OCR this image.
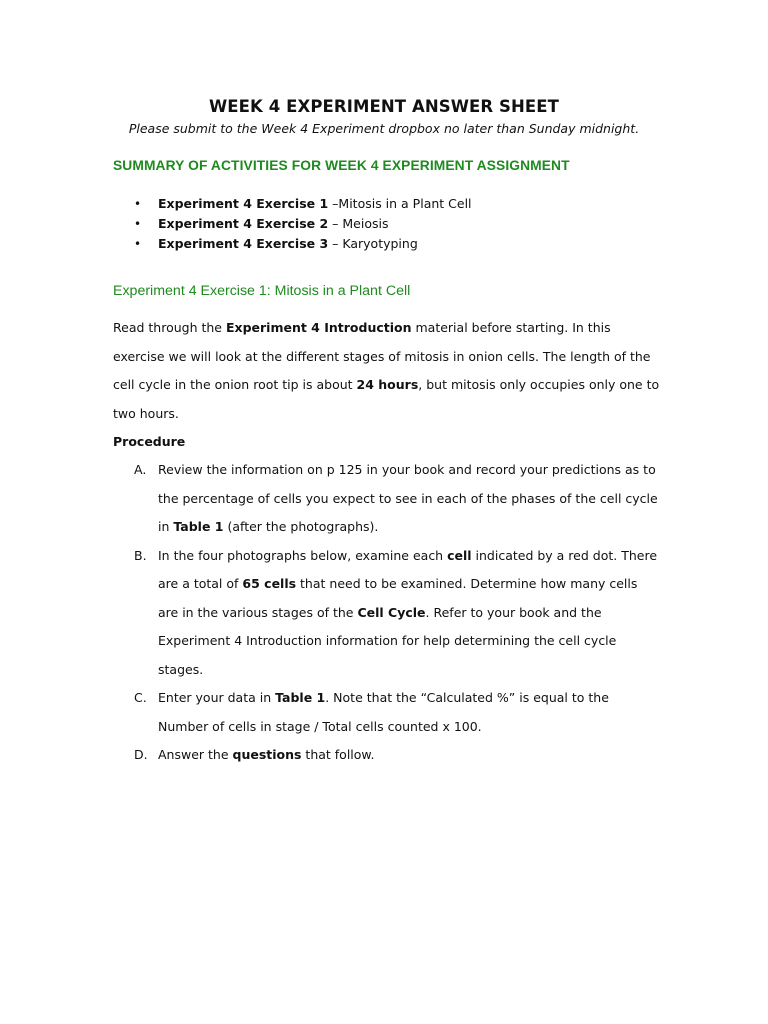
WEEK 4 EXPERIMENT ANSWER SHEET
Please submit to the Week 4 Experiment dropbox no later than Sunday midnight.
SUMMARY OF ACTIVITIES FOR WEEK 4 EXPERIMENT ASSIGNMENT
• Experiment 4 Exercise 1 –Mitosis in a Plant Cell
• Experiment 4 Exercise 2 – Meiosis
• Experiment 4 Exercise 3 – Karyotyping
Experiment 4 Exercise 1: Mitosis in a Plant Cell

Read through the Experiment 4 Introduction material before starting. In this exercise we will look at the different stages of mitosis in onion cells. The length of the cell cycle in the onion root tip is about 24 hours, but mitosis only occupies only one to two hours.

Procedure
A. Review the information on p 125 in your book and record your predictions as to the percentage of cells you expect to see in each of the phases of the cell cycle in Table 1 (after the photographs).
B. In the four photographs below, examine each cell indicated by a red dot. There are a total of 65 cells that need to be examined. Determine how many cells are in the various stages of the Cell Cycle. Refer to your book and the Experiment 4 Introduction information for help determining the cell cycle stages.
C. Enter your data in Table 1. Note that the “Calculated %” is equal to the Number of cells in stage / Total cells counted x 100.
D. Answer the questions that follow.
